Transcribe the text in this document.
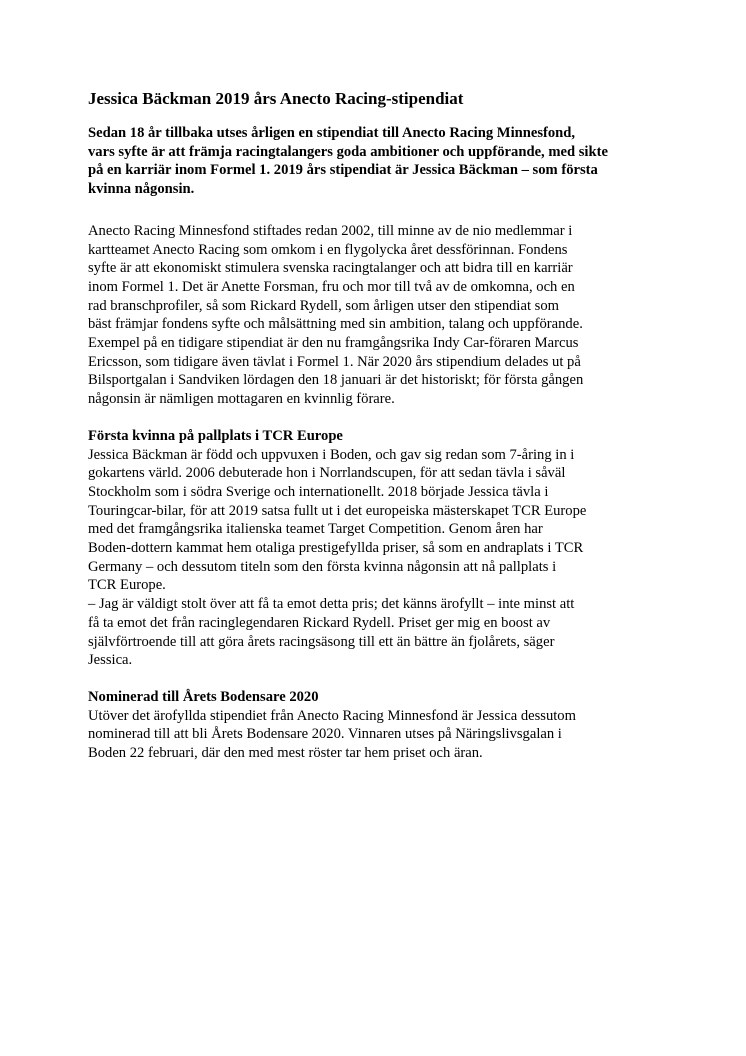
Jessica Bäckman 2019 års Anecto Racing-stipendiat

Sedan 18 år tillbaka utses årligen en stipendiat till Anecto Racing Minnesfond,
vars syfte är att främja racingtalangers goda ambitioner och uppförande, med sikte
på en karriär inom Formel 1. 2019 års stipendiat är Jessica Bäckman – som första
kvinna någonsin.

Anecto Racing Minnesfond stiftades redan 2002, till minne av de nio medlemmar i
kartteamet Anecto Racing som omkom i en flygolycka året dessförinnan. Fondens
syfte är att ekonomiskt stimulera svenska racingtalanger och att bidra till en karriär
inom Formel 1. Det är Anette Forsman, fru och mor till två av de omkomna, och en
rad branschprofiler, så som Rickard Rydell, som årligen utser den stipendiat som
bäst främjar fondens syfte och målsättning med sin ambition, talang och uppförande.
Exempel på en tidigare stipendiat är den nu framgångsrika Indy Car-föraren Marcus
Ericsson, som tidigare även tävlat i Formel 1. När 2020 års stipendium delades ut på
Bilsportgalan i Sandviken lördagen den 18 januari är det historiskt; för första gången
någonsin är nämligen mottagaren en kvinnlig förare.

Första kvinna på pallplats i TCR Europe

Jessica Bäckman är född och uppvuxen i Boden, och gav sig redan som 7-åring in i
gokartens värld. 2006 debuterade hon i Norrlandscupen, för att sedan tävla i såväl
Stockholm som i södra Sverige och internationellt. 2018 började Jessica tävla i
Touringcar-bilar, för att 2019 satsa fullt ut i det europeiska mästerskapet TCR Europe
med det framgångsrika italienska teamet Target Competition. Genom åren har
Boden-dottern kammat hem otaliga prestigefyllda priser, så som en andraplats i TCR
Germany – och dessutom titeln som den första kvinna någonsin att nå pallplats i
TCR Europe.
– Jag är väldigt stolt över att få ta emot detta pris; det känns ärofyllt – inte minst att
få ta emot det från racinglegendaren Rickard Rydell. Priset ger mig en boost av
självförtroende till att göra årets racingsäsong till ett än bättre än fjolårets, säger
Jessica.

Nominerad till Årets Bodensare 2020

Utöver det ärofyllda stipendiet från Anecto Racing Minnesfond är Jessica dessutom
nominerad till att bli Årets Bodensare 2020. Vinnaren utses på Näringslivsgalan i
Boden 22 februari, där den med mest röster tar hem priset och äran.
